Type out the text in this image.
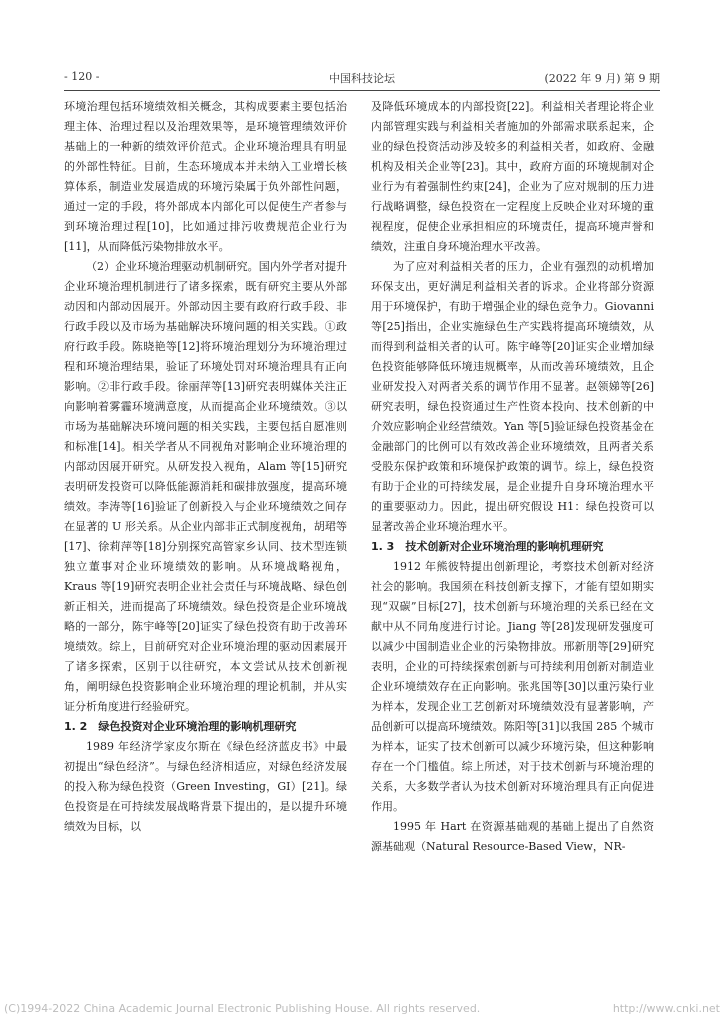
- 120 -	中国科技论坛	(2022 年 9 月) 第 9 期

环境治理包括环境绩效相关概念，其构成要素主要包括治理主体、治理过程以及治理效果等，是环境管理绩效评价基础上的一种新的绩效评价范式。企业环境治理具有明显的外部性特征。目前，生态环境成本并未纳入工业增长核算体系，制造业发展造成的环境污染属于负外部性问题，通过一定的手段，将外部成本内部化可以促使生产者参与到环境治理过程[10]，比如通过排污收费规范企业行为[11]，从而降低污染物排放水平。

（2）企业环境治理驱动机制研究。国内外学者对提升企业环境治理机制进行了诸多探索，既有研究主要从外部动因和内部动因展开。外部动因主要有政府行政手段、非行政手段以及市场为基础解决环境问题的相关实践。①政府行政手段。陈晓艳等[12]将环境治理划分为环境治理过程和环境治理结果，验证了环境处罚对环境治理具有正向影响。②非行政手段。徐丽萍等[13]研究表明媒体关注正向影响着雾霾环境满意度，从而提高企业环境绩效。③以市场为基础解决环境问题的相关实践，主要包括自愿准则和标准[14]。相关学者从不同视角对影响企业环境治理的内部动因展开研究。从研发投入视角，Alam 等[15]研究表明研发投资可以降低能源消耗和碳排放强度，提高环境绩效。李涛等[16]验证了创新投入与企业环境绩效之间存在显著的 U 形关系。从企业内部非正式制度视角，胡珺等[17]、徐莉萍等[18]分别探究高管家乡认同、技术型连锁独立董事对企业环境绩效的影响。从环境战略视角，Kraus 等[19]研究表明企业社会责任与环境战略、绿色创新正相关，进而提高了环境绩效。绿色投资是企业环境战略的一部分，陈宇峰等[20]证实了绿色投资有助于改善环境绩效。综上，目前研究对企业环境治理的驱动因素展开了诸多探索，区别于以往研究，本文尝试从技术创新视角，阐明绿色投资影响企业环境治理的理论机制，并从实证分析角度进行经验研究。

1. 2　绿色投资对企业环境治理的影响机理研究

1989 年经济学家皮尔斯在《绿色经济蓝皮书》中最初提出“绿色经济”。与绿色经济相适应，对绿色经济发展的投入称为绿色投资（Green Investing，GI）[21]。绿色投资是在可持续发展战略背景下提出的，是以提升环境绩效为目标，以

及降低环境成本的内部投资[22]。利益相关者理论将企业内部管理实践与利益相关者施加的外部需求联系起来，企业的绿色投资活动涉及较多的利益相关者，如政府、金融机构及相关企业等[23]。其中，政府方面的环境规制对企业行为有着强制性约束[24]，企业为了应对规制的压力进行战略调整，绿色投资在一定程度上反映企业对环境的重视程度，促使企业承担相应的环境责任，提高环境声誉和绩效，注重自身环境治理水平改善。

为了应对利益相关者的压力，企业有强烈的动机增加环保支出，更好满足利益相关者的诉求。企业将部分资源用于环境保护，有助于增强企业的绿色竞争力。Giovanni 等[25]指出，企业实施绿色生产实践将提高环境绩效，从而得到利益相关者的认可。陈宇峰等[20]证实企业增加绿色投资能够降低环境违规概率，从而改善环境绩效，且企业研发投入对两者关系的调节作用不显著。赵领娣等[26]研究表明，绿色投资通过生产性资本投向、技术创新的中介效应影响企业经营绩效。Yan 等[5]验证绿色投资基金在金融部门的比例可以有效改善企业环境绩效，且两者关系受股东保护政策和环境保护政策的调节。综上，绿色投资有助于企业的可持续发展，是企业提升自身环境治理水平的重要驱动力。因此，提出研究假设 H1：绿色投资可以显著改善企业环境治理水平。

1. 3　技术创新对企业环境治理的影响机理研究

1912 年熊彼特提出创新理论，考察技术创新对经济社会的影响。我国须在科技创新支撑下，才能有望如期实现“双碳”目标[27]，技术创新与环境治理的关系已经在文献中从不同角度进行讨论。Jiang 等[28]发现研发强度可以减少中国制造业企业的污染物排放。邢新朋等[29]研究表明，企业的可持续探索创新与可持续利用创新对制造业企业环境绩效存在正向影响。张兆国等[30]以重污染行业为样本，发现企业工艺创新对环境绩效没有显著影响，产品创新可以提高环境绩效。陈阳等[31]以我国 285 个城市为样本，证实了技术创新可以减少环境污染，但这种影响存在一个门槛值。综上所述，对于技术创新与环境治理的关系，大多数学者认为技术创新对环境治理具有正向促进作用。

1995 年 Hart 在资源基础观的基础上提出了自然资源基础观（Natural Resource-Based View，NR-

(C)1994-2022 China Academic Journal Electronic Publishing House. All rights reserved.	http://www.cnki.net
